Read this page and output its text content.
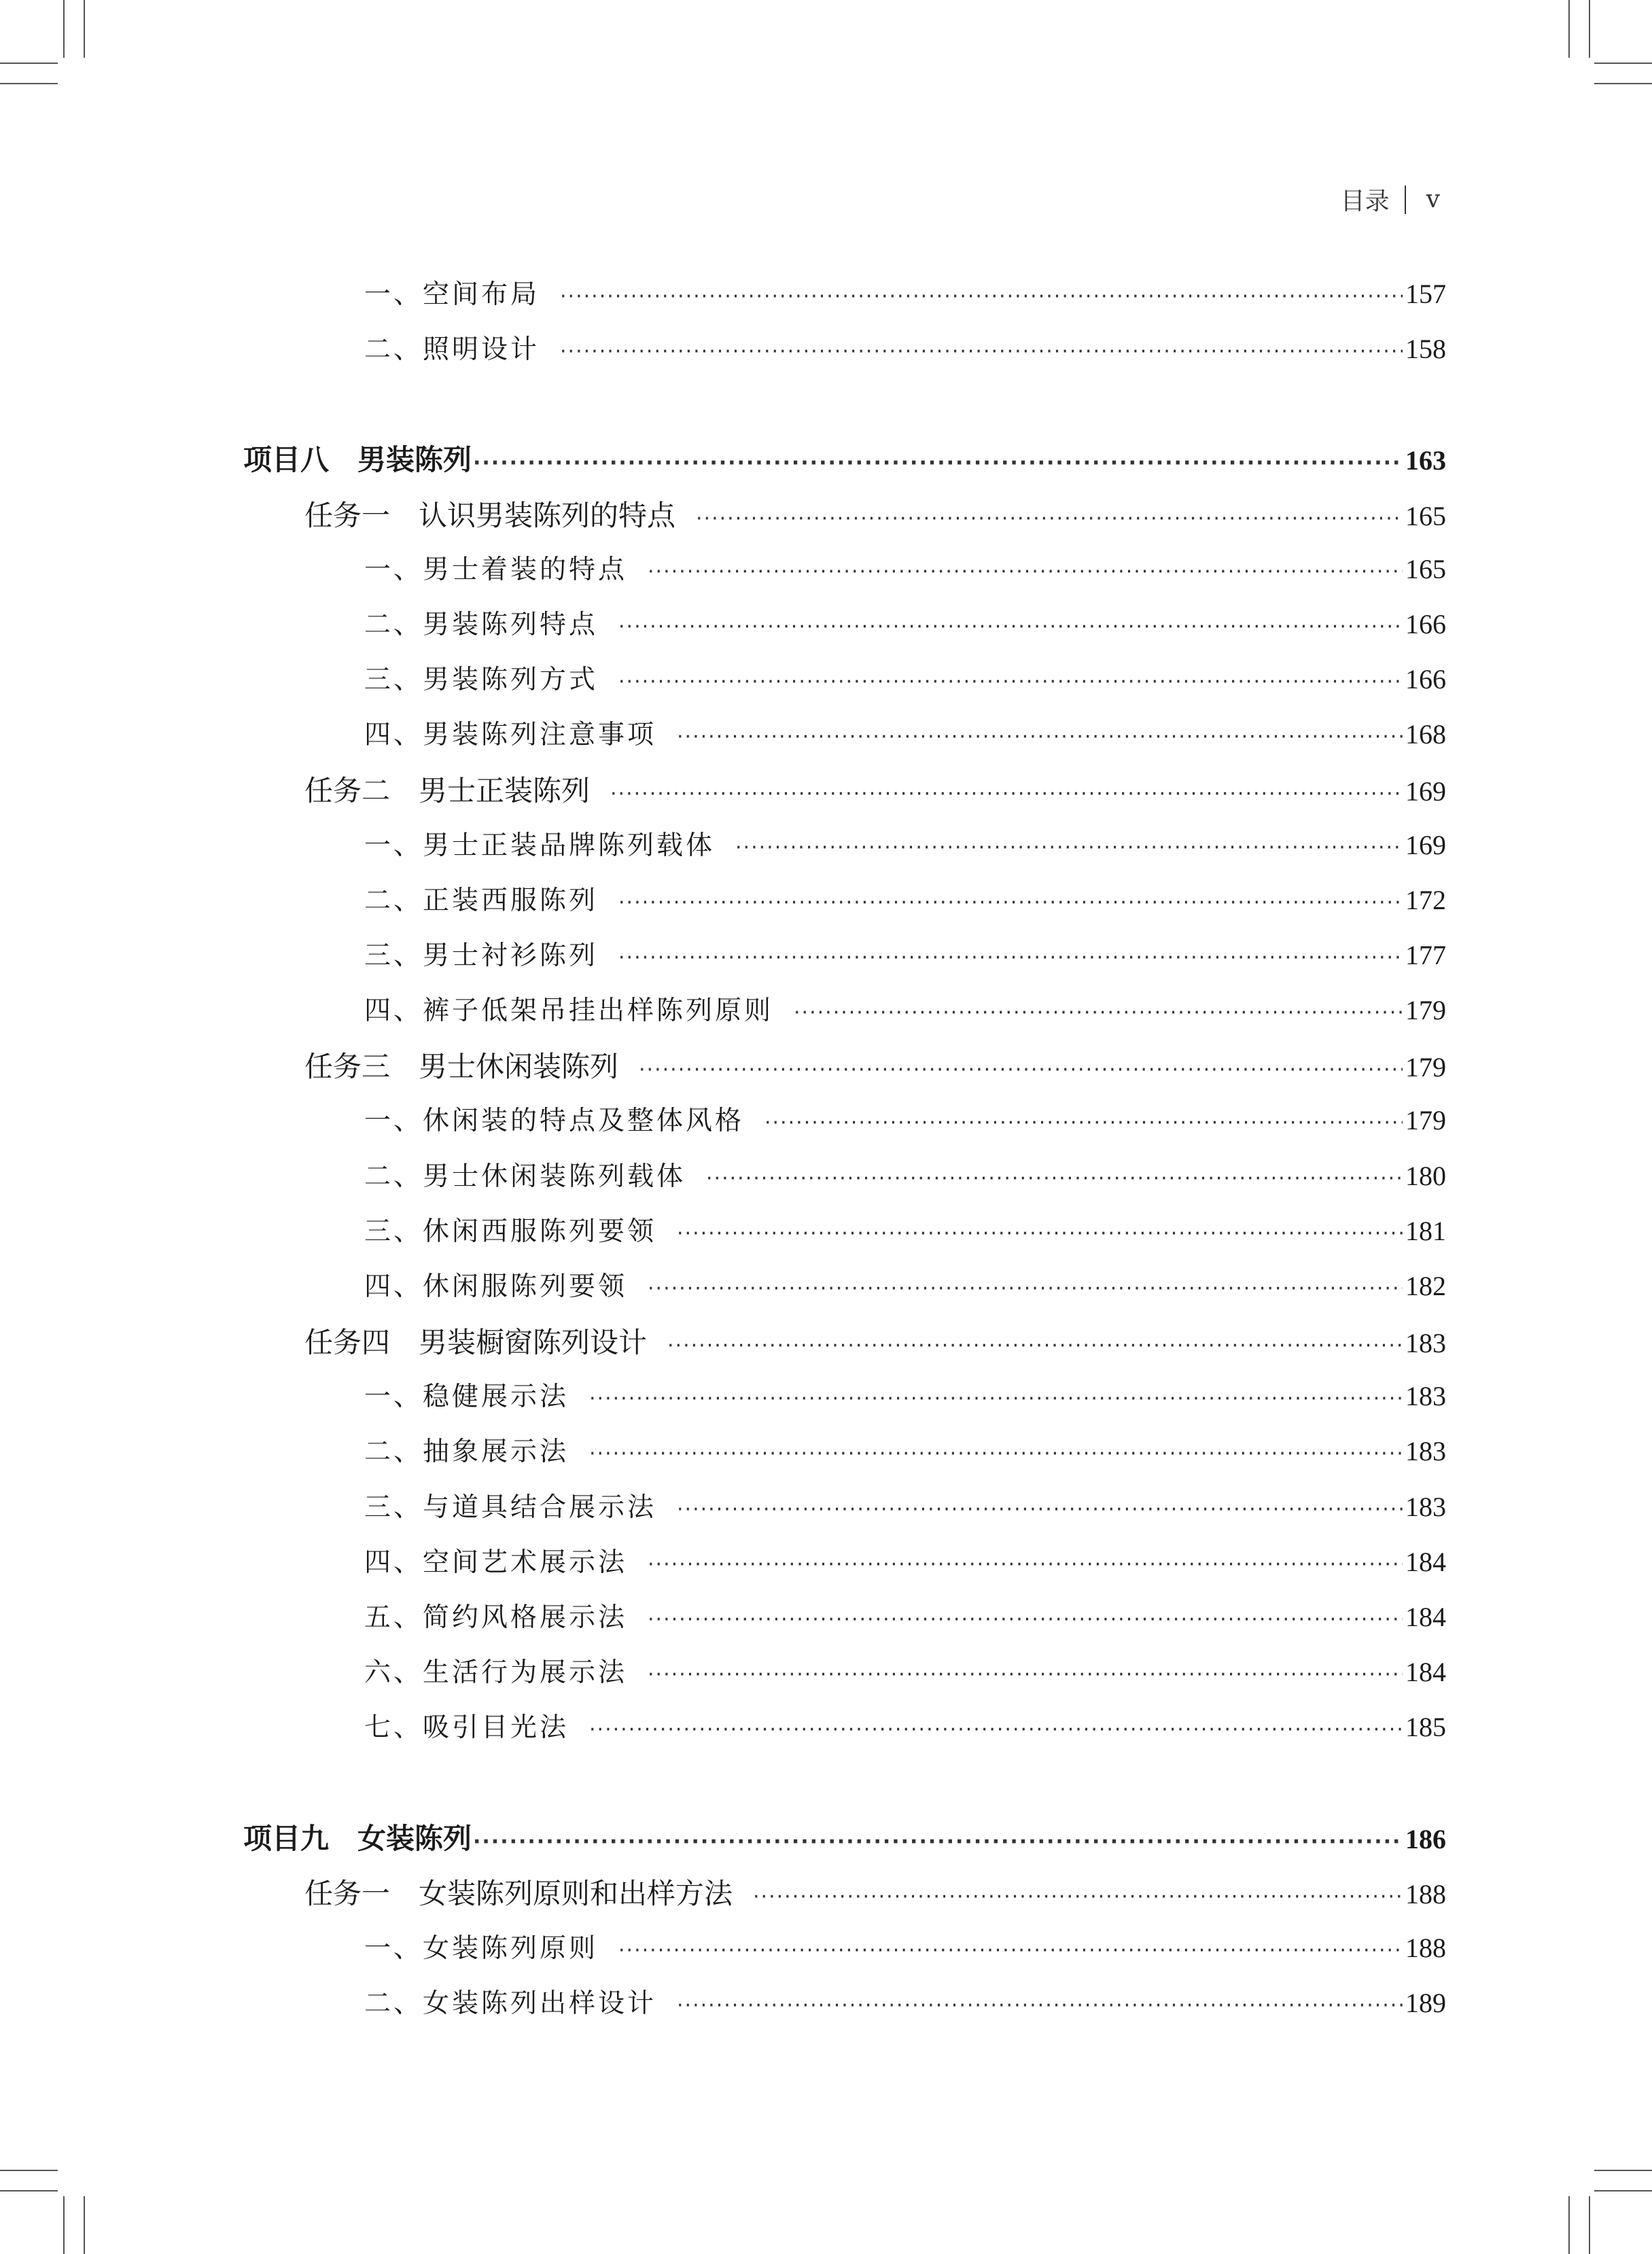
目录 v
一、空间布局 ·····	157
二、照明设计 ·····	158
项目八　男装陈列 ·····	163
任务一　认识男装陈列的特点 ·····	165
一、男士着装的特点 ·····	165
二、男装陈列特点 ·····	166
三、男装陈列方式 ·····	166
四、男装陈列注意事项 ·····	168
任务二　男士正装陈列 ·····	169
一、男士正装品牌陈列载体 ·····	169
二、正装西服陈列 ·····	172
三、男士衬衫陈列 ·····	177
四、裤子低架吊挂出样陈列原则 ·····	179
任务三　男士休闲装陈列 ·····	179
一、休闲装的特点及整体风格 ·····	179
二、男士休闲装陈列载体 ·····	180
三、休闲西服陈列要领 ·····	181
四、休闲服陈列要领 ·····	182
任务四　男装橱窗陈列设计 ·····	183
一、稳健展示法 ·····	183
二、抽象展示法 ·····	183
三、与道具结合展示法 ·····	183
四、空间艺术展示法 ·····	184
五、简约风格展示法 ·····	184
六、生活行为展示法 ·····	184
七、吸引目光法 ·····	185
项目九　女装陈列 ·····	186
任务一　女装陈列原则和出样方法 ·····	188
一、女装陈列原则 ·····	188
二、女装陈列出样设计 ·····	189
